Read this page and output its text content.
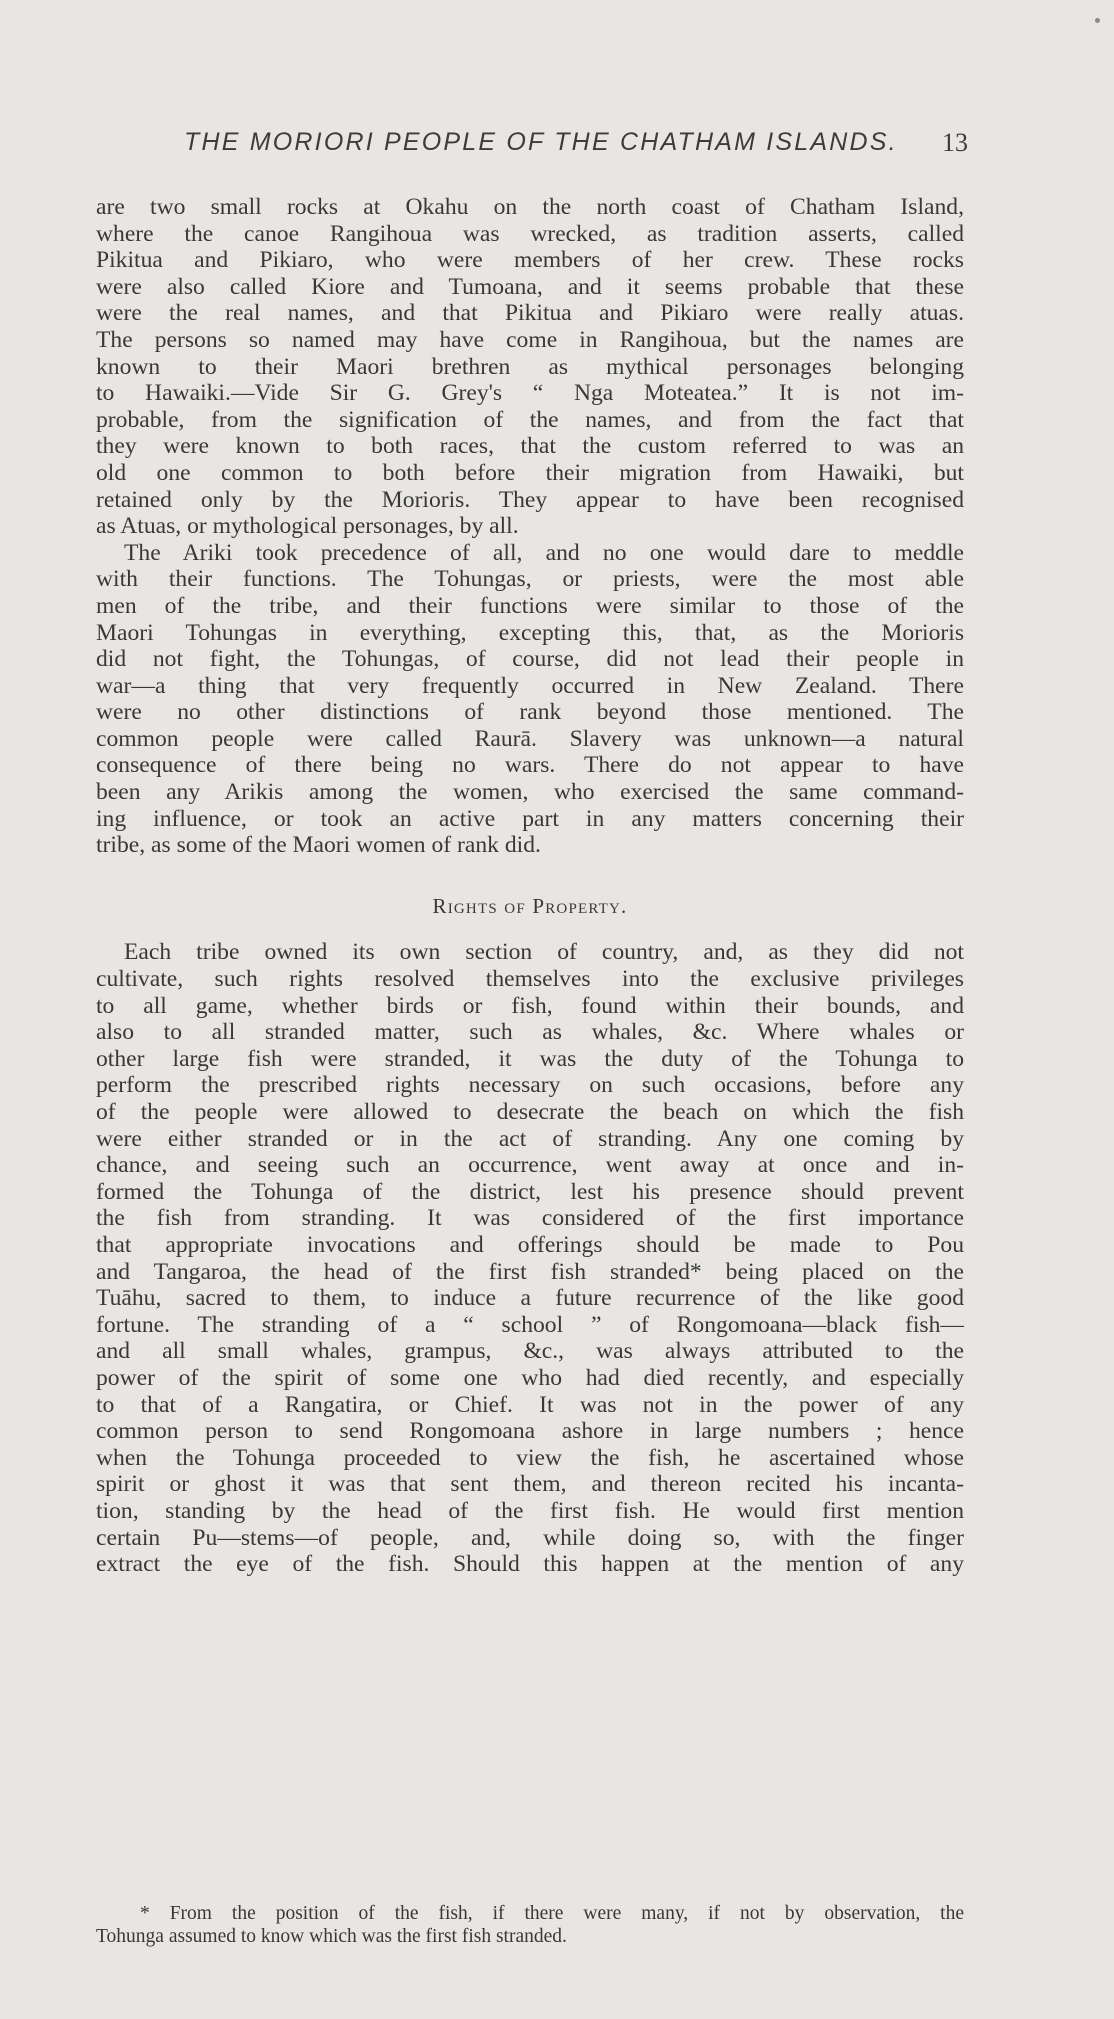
THE MORIORI PEOPLE OF THE CHATHAM ISLANDS. 13
are two small rocks at Okahu on the north coast of Chatham Island,
where the canoe Rangihoua was wrecked, as tradition asserts, called
Pikitua and Pikiaro, who were members of her crew. These rocks
were also called Kiore and Tumoana, and it seems probable that these
were the real names, and that Pikitua and Pikiaro were really atuas.
The persons so named may have come in Rangihoua, but the names are
known to their Maori brethren as mythical personages belonging
to Hawaiki.—Vide Sir G. Grey's “ Nga Moteatea.” It is not im-
probable, from the signification of the names, and from the fact that
they were known to both races, that the custom referred to was an
old one common to both before their migration from Hawaiki, but
retained only by the Morioris. They appear to have been recognised
as Atuas, or mythological personages, by all.
The Ariki took precedence of all, and no one would dare to meddle
with their functions. The Tohungas, or priests, were the most able
men of the tribe, and their functions were similar to those of the
Maori Tohungas in everything, excepting this, that, as the Morioris
did not fight, the Tohungas, of course, did not lead their people in
war—a thing that very frequently occurred in New Zealand. There
were no other distinctions of rank beyond those mentioned. The
common people were called Raurā. Slavery was unknown—a natural
consequence of there being no wars. There do not appear to have
been any Arikis among the women, who exercised the same command-
ing influence, or took an active part in any matters concerning their
tribe, as some of the Maori women of rank did.
Rights of Property.
Each tribe owned its own section of country, and, as they did not
cultivate, such rights resolved themselves into the exclusive privileges
to all game, whether birds or fish, found within their bounds, and
also to all stranded matter, such as whales, &c. Where whales or
other large fish were stranded, it was the duty of the Tohunga to
perform the prescribed rights necessary on such occasions, before any
of the people were allowed to desecrate the beach on which the fish
were either stranded or in the act of stranding. Any one coming by
chance, and seeing such an occurrence, went away at once and in-
formed the Tohunga of the district, lest his presence should prevent
the fish from stranding. It was considered of the first importance
that appropriate invocations and offerings should be made to Pou
and Tangaroa, the head of the first fish stranded* being placed on the
Tuāhu, sacred to them, to induce a future recurrence of the like good
fortune. The stranding of a “ school ” of Rongomoana—black fish—
and all small whales, grampus, &c., was always attributed to the
power of the spirit of some one who had died recently, and especially
to that of a Rangatira, or Chief. It was not in the power of any
common person to send Rongomoana ashore in large numbers ; hence
when the Tohunga proceeded to view the fish, he ascertained whose
spirit or ghost it was that sent them, and thereon recited his incanta-
tion, standing by the head of the first fish. He would first mention
certain Pu—stems—of people, and, while doing so, with the finger
extract the eye of the fish. Should this happen at the mention of any
* From the position of the fish, if there were many, if not by observation, the
Tohunga assumed to know which was the first fish stranded.
